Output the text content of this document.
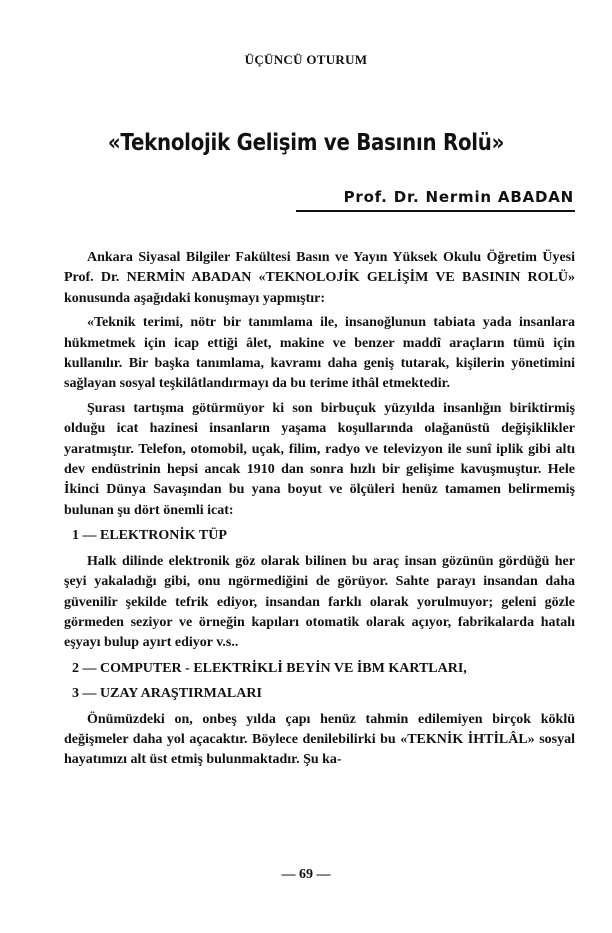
ÜÇÜNCÜ OTURUM
«Teknolojik Gelişim ve Basının Rolü»
Prof. Dr. Nermin ABADAN

Ankara Siyasal Bilgiler Fakültesi Basın ve Yayın Yüksek Okulu Öğretim Üyesi Prof. Dr. NERMİN ABADAN «TEKNOLOJİK GELİŞİM VE BASININ ROLÜ» konusunda aşağıdaki konuşmayı yapmıştır:

«Teknik terimi, nötr bir tanımlama ile, insanoğlunun tabiata yada insanlara hükmetmek için icap ettiği âlet, makine ve benzer maddî araçların tümü için kullanılır. Bir başka tanımlama, kavramı daha geniş tutarak, kişilerin yönetimini sağlayan sosyal teşkilâtlandırmayı da bu terime ithâl etmektedir.

Şurası tartışma götürmüyor ki son birbuçuk yüzyılda insanlığın biriktirmiş olduğu icat hazinesi insanların yaşama koşullarında olağanüstü değişiklikler yaratmıştır. Telefon, otomobil, uçak, filim, radyo ve televizyon ile sunî iplik gibi altı dev endüstrinin hepsi ancak 1910 dan sonra hızlı bir gelişime kavuşmuştur. Hele İkinci Dünya Savaşından bu yana boyut ve ölçüleri henüz tamamen belirmemiş bulunan şu dört önemli icat:

1 — ELEKTRONİK TÜP

Halk dilinde elektronik göz olarak bilinen bu araç insan gözünün gördüğü her şeyi yakaladığı gibi, onu ngörmediğini de görüyor. Sahte parayı insandan daha güvenilir şekilde tefrik ediyor, insandan farklı olarak yorulmuyor; geleni gözle görmeden seziyor ve örneğin kapıları otomatik olarak açıyor, fabrikalarda hatalı eşyayı bulup ayırt ediyor v.s..

2 — COMPUTER - ELEKTRİKLİ BEYİN VE İBM KARTLARI,

3 — UZAY ARAŞTIRMALARI

Önümüzdeki on, onbeş yılda çapı henüz tahmin edilemiyen birçok köklü değişmeler daha yol açacaktır. Böylece denilebilirki bu «TEKNİK İHTİLÂL» sosyal hayatımızı alt üst etmiş bulunmaktadır. Şu ka-

— 69 —
